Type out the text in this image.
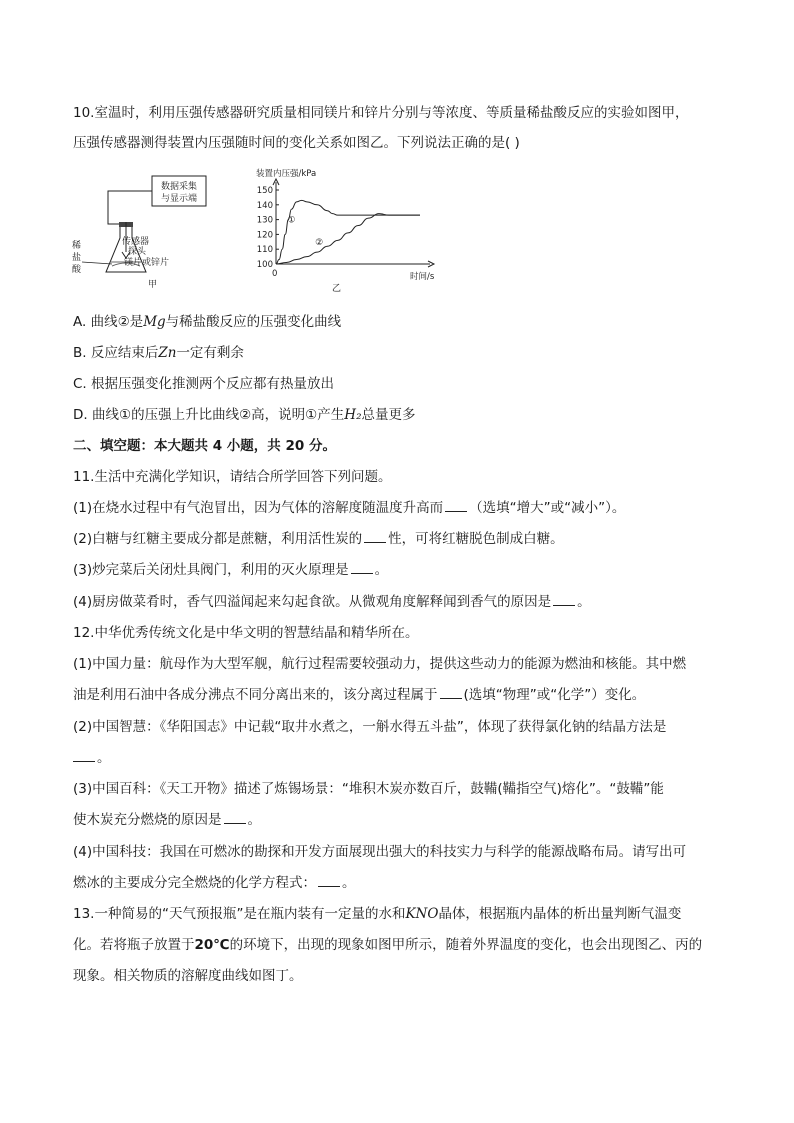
10.室温时，利用压强传感器研究质量相同镁片和锌片分别与等浓度、等质量稀盐酸反应的实验如图甲，
压强传感器测得装置内压强随时间的变化关系如图乙。下列说法正确的是( )
数据采集
与显示端
稀
盐
酸
传感器
探头
镁片或锌片
甲
装置内压强/kPa
100
110
120
130
140
150
0	时间/s
乙
①
②
A. 曲线②是Mg与稀盐酸反应的压强变化曲线
B. 反应结束后Zn一定有剩余
C. 根据压强变化推测两个反应都有热量放出
D. 曲线①的压强上升比曲线②高，说明①产生H₂总量更多
二、填空题：本大题共 4 小题，共 20 分。
11.生活中充满化学知识，请结合所学回答下列问题。
(1)在烧水过程中有气泡冒出，因为气体的溶解度随温度升高而 （选填“增大”或“减小”）。
(2)白糖与红糖主要成分都是蔗糖，利用活性炭的 性，可将红糖脱色制成白糖。
(3)炒完菜后关闭灶具阀门，利用的灭火原理是 。
(4)厨房做菜肴时，香气四溢闻起来勾起食欲。从微观角度解释闻到香气的原因是 。
12.中华优秀传统文化是中华文明的智慧结晶和精华所在。
(1)中国力量：航母作为大型军舰，航行过程需要较强动力，提供这些动力的能源为燃油和核能。其中燃
油是利用石油中各成分沸点不同分离出来的，该分离过程属于 (选填“物理”或“化学”）变化。
(2)中国智慧：《华阳国志》中记载“取井水煮之，一斛水得五斗盐”，体现了获得氯化钠的结晶方法是
。
(3)中国百科：《天工开物》描述了炼锡场景：“堆积木炭亦数百斤，鼓鞴(鞴指空气)熔化”。“鼓鞴”能
使木炭充分燃烧的原因是 。
(4)中国科技：我国在可燃冰的勘探和开发方面展现出强大的科技实力与科学的能源战略布局。请写出可
燃冰的主要成分完全燃烧的化学方程式： 。
13.一种简易的“天气预报瓶”是在瓶内装有一定量的水和KNO晶体，根据瓶内晶体的析出量判断气温变
化。若将瓶子放置于20℃的环境下，出现的现象如图甲所示，随着外界温度的变化，也会出现图乙、丙的
现象。相关物质的溶解度曲线如图丁。
